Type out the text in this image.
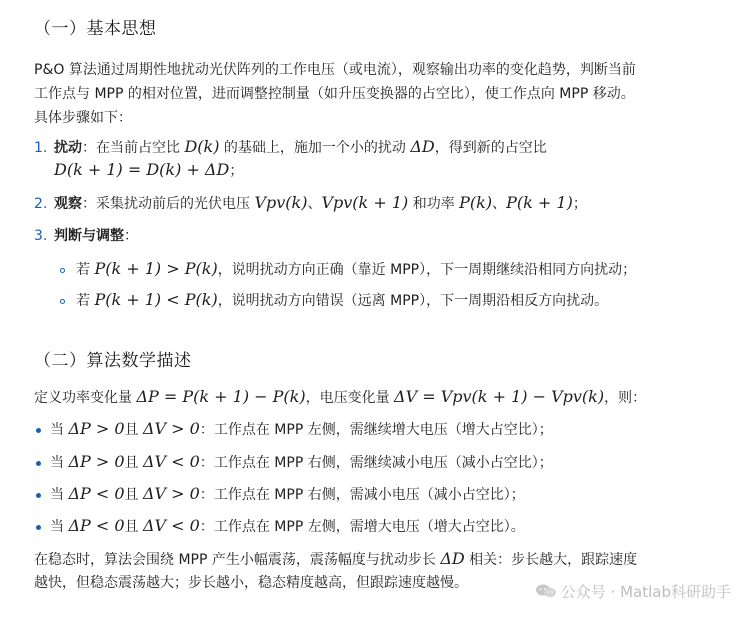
（一）基本思想
P&O 算法通过周期性地扰动光伏阵列的工作电压（或电流），观察输出功率的变化趋势，判断当前
工作点与 MPP 的相对位置，进而调整控制量（如升压变换器的占空比），使工作点向 MPP 移动。
具体步骤如下：
1. 扰动：在当前占空比 D(k) 的基础上，施加一个小的扰动 ΔD，得到新的占空比
D(k + 1) = D(k) + ΔD；
2. 观察：采集扰动前后的光伏电压 Vpv(k)、Vpv(k + 1) 和功率 P(k)、P(k + 1)；
3. 判断与调整：
若 P(k + 1) > P(k)，说明扰动方向正确（靠近 MPP），下一周期继续沿相同方向扰动；
若 P(k + 1) < P(k)，说明扰动方向错误（远离 MPP），下一周期沿相反方向扰动。
（二）算法数学描述
定义功率变化量 ΔP = P(k + 1) − P(k)，电压变化量 ΔV = Vpv(k + 1) − Vpv(k)，则：
当 ΔP > 0且 ΔV > 0：工作点在 MPP 左侧，需继续增大电压（增大占空比）；
当 ΔP > 0且 ΔV < 0：工作点在 MPP 右侧，需继续减小电压（减小占空比）；
当 ΔP < 0且 ΔV > 0：工作点在 MPP 右侧，需减小电压（减小占空比）；
当 ΔP < 0且 ΔV < 0：工作点在 MPP 左侧，需增大电压（增大占空比）。
在稳态时，算法会围绕 MPP 产生小幅震荡，震荡幅度与扰动步长 ΔD 相关：步长越大，跟踪速度
越快，但稳态震荡越大；步长越小，稳态精度越高，但跟踪速度越慢。	公众号 · Matlab科研助手
